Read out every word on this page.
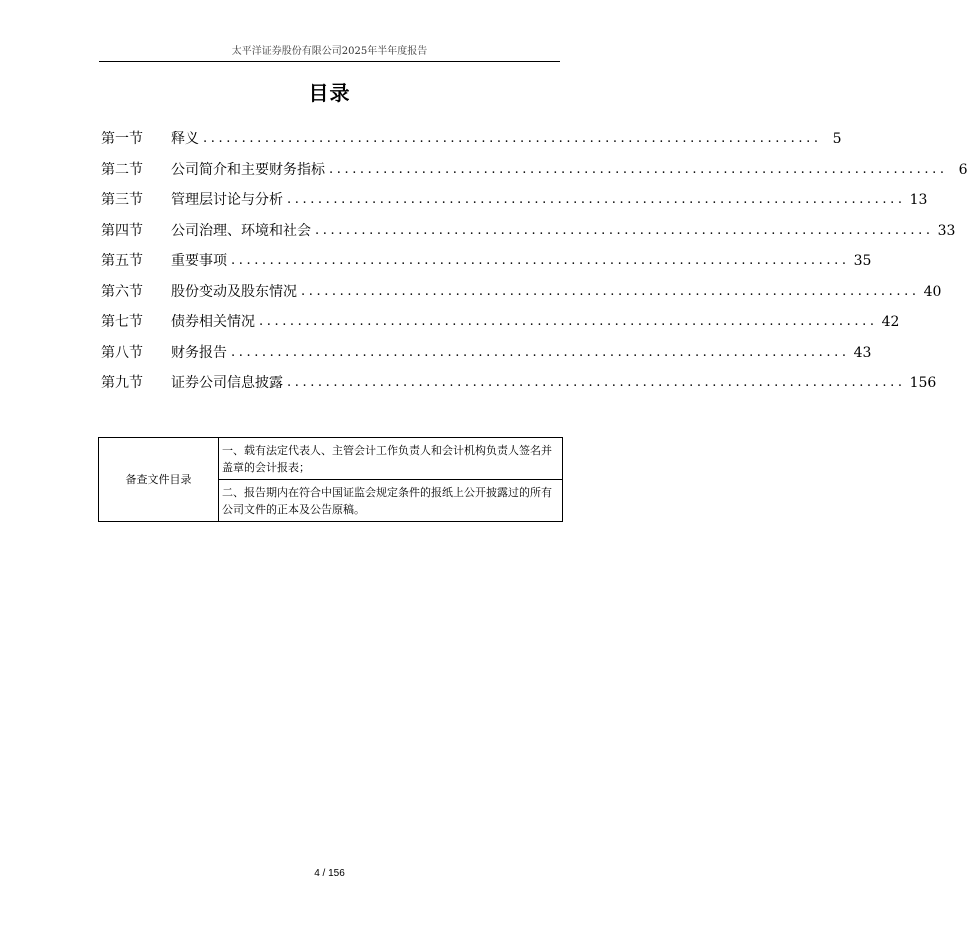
太平洋证券股份有限公司2025年半年度报告
目录
第一节	释义 ................................................................................ 5
第二节	公司简介和主要财务指标 ................................................................................ 6
第三节	管理层讨论与分析 ................................................................................ 13
第四节	公司治理、环境和社会 ................................................................................ 33
第五节	重要事项 ................................................................................ 35
第六节	股份变动及股东情况 ................................................................................ 40
第七节	债券相关情况 ................................................................................ 42
第八节	财务报告 ................................................................................ 43
第九节	证券公司信息披露 ................................................................................ 156
备查文件目录	一、载有法定代表人、主管会计工作负责人和会计机构负责人签名并盖章的会计报表；
二、报告期内在符合中国证监会规定条件的报纸上公开披露过的所有公司文件的正本及公告原稿。
4 / 156
